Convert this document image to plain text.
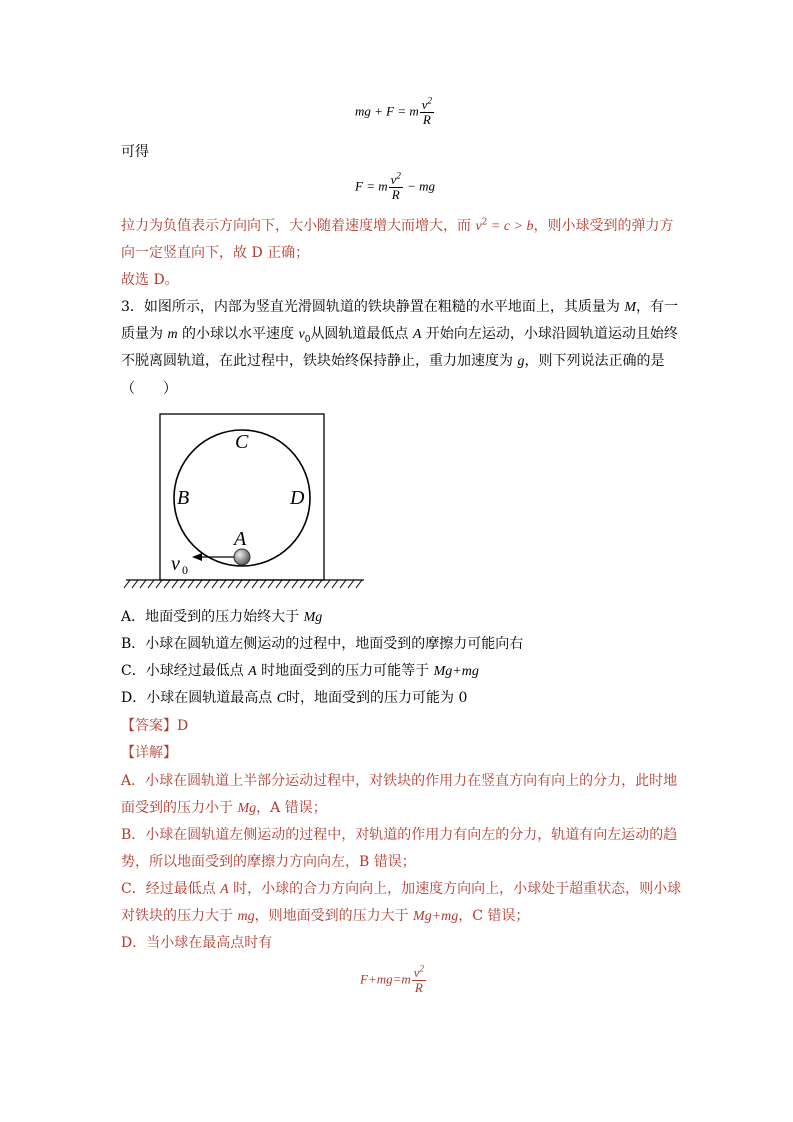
mg + F = m $\frac{v^2}{R}$
可得
F = m $\frac{v^2}{R}$ − mg
拉力为负值表示方向向下，大小随着速度增大而增大，而 $v^2 = c > b$，则小球受到的弹力方
向一定竖直向下，故 D 正确；
故选 D。
3．如图所示，内部为竖直光滑圆轨道的铁块静置在粗糙的水平地面上，其质量为 M，有一
质量为 m 的小球以水平速度 $v_0$从圆轨道最低点 A 开始向左运动，小球沿圆轨道运动且始终
不脱离圆轨道，在此过程中，铁块始终保持静止，重力加速度为 g，则下列说法正确的是
（　　）
C
B	D
A
v 0
A．地面受到的压力始终大于 Mg
B．小球在圆轨道左侧运动的过程中，地面受到的摩擦力可能向右
C．小球经过最低点 A 时地面受到的压力可能等于 Mg+mg
D．小球在圆轨道最高点 C时，地面受到的压力可能为 0
【答案】D
【详解】
A．小球在圆轨道上半部分运动过程中，对铁块的作用力在竖直方向有向上的分力，此时地
面受到的压力小于 Mg，A 错误；
B．小球在圆轨道左侧运动的过程中，对轨道的作用力有向左的分力，轨道有向左运动的趋
势，所以地面受到的摩擦力方向向左，B 错误；
C．经过最低点 A 时，小球的合力方向向上，加速度方向向上，小球处于超重状态，则小球
对铁块的压力大于 mg，则地面受到的压力大于 Mg+mg，C 错误；
D．当小球在最高点时有
$F+mg=m \frac{v^2}{R}$
